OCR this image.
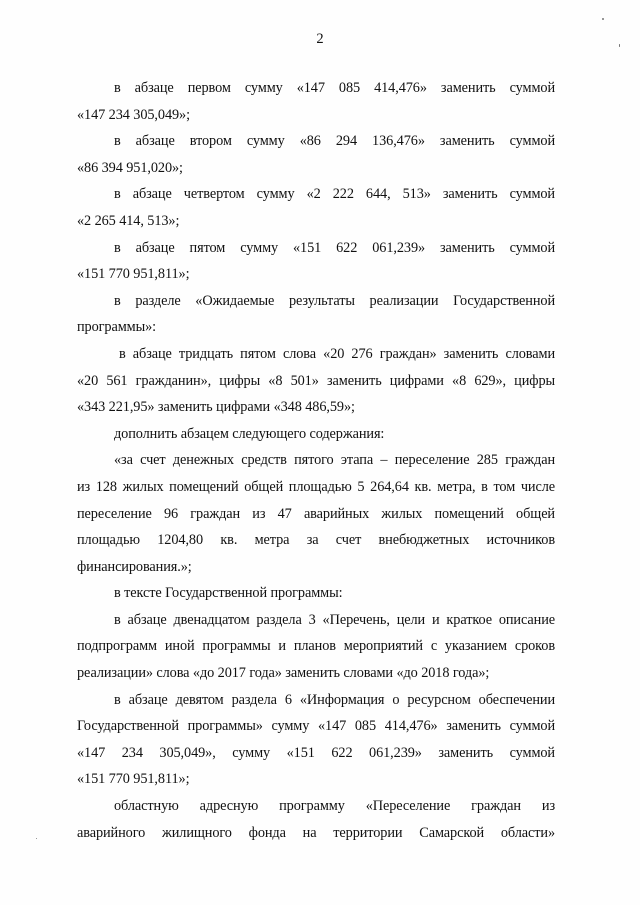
2
в абзаце первом сумму «147 085 414,476» заменить суммой
«147 234 305,049»;
в абзаце втором сумму «86 294 136,476» заменить суммой
«86 394 951,020»;
в абзаце четвертом сумму «2 222 644, 513» заменить суммой
«2 265 414, 513»;
в абзаце пятом сумму «151 622 061,239» заменить суммой
«151 770 951,811»;
в разделе «Ожидаемые результаты реализации Государственной
программы»:
в абзаце тридцать пятом слова «20 276 граждан» заменить словами
«20 561 гражданин», цифры «8 501» заменить цифрами «8 629», цифры
«343 221,95» заменить цифрами «348 486,59»;
дополнить абзацем следующего содержания:
«за счет денежных средств пятого этапа – переселение 285 граждан
из 128 жилых помещений общей площадью 5 264,64 кв. метра, в том числе
переселение 96 граждан из 47 аварийных жилых помещений общей
площадью 1204,80 кв. метра за счет внебюджетных источников
финансирования.»;
в тексте Государственной программы:
в абзаце двенадцатом раздела 3 «Перечень, цели и краткое описание
подпрограмм иной программы и планов мероприятий с указанием сроков
реализации» слова «до 2017 года» заменить словами «до 2018 года»;
в абзаце девятом раздела 6 «Информация о ресурсном обеспечении
Государственной программы» сумму «147 085 414,476» заменить суммой
«147 234 305,049», сумму «151 622 061,239» заменить суммой
«151 770 951,811»;
областную адресную программу «Переселение граждан из
аварийного жилищного фонда на территории Самарской области»
